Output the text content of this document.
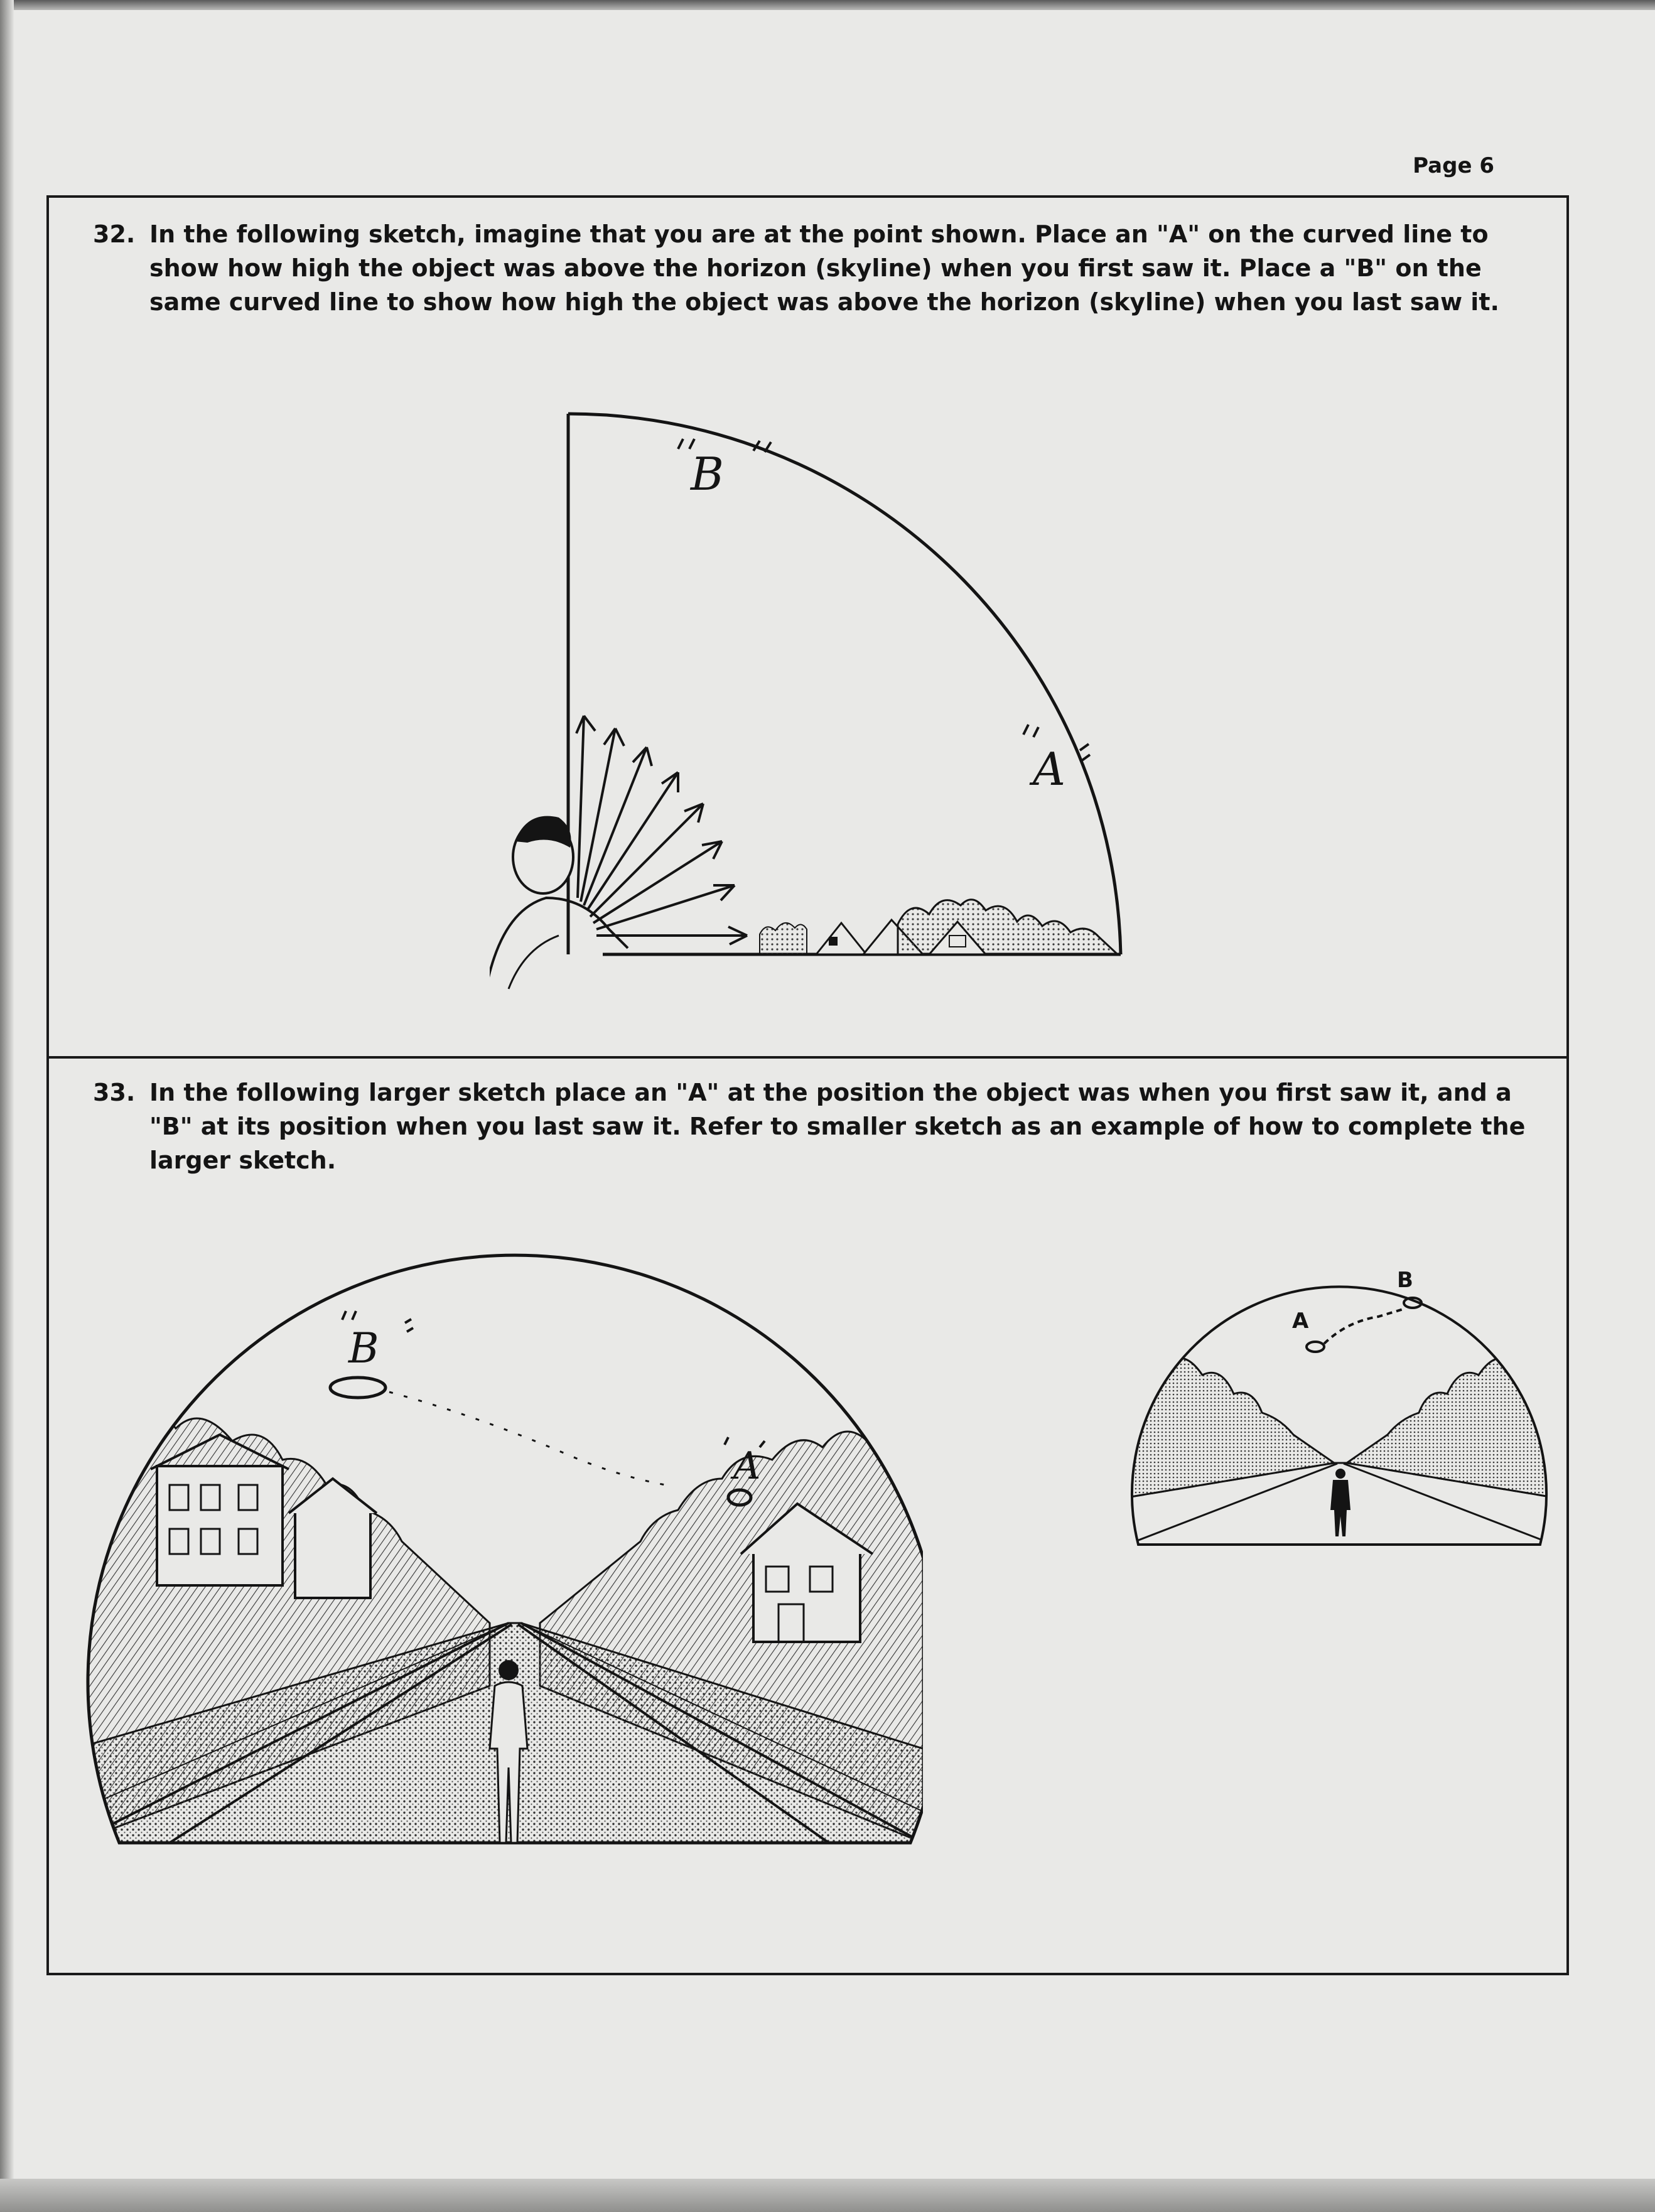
Page 6
32. In the following sketch, imagine that you are at the point shown. Place an "A" on the curved line to show how high the object was above the horizon (skyline) when you first saw it. Place a "B" on the same curved line to show how high the object was above the horizon (skyline) when you last saw it.
B
A
33. In the following larger sketch place an "A" at the position the object was when you first saw it, and a "B" at its position when you last saw it. Refer to smaller sketch as an example of how to complete the larger sketch.
B
A
A
B
